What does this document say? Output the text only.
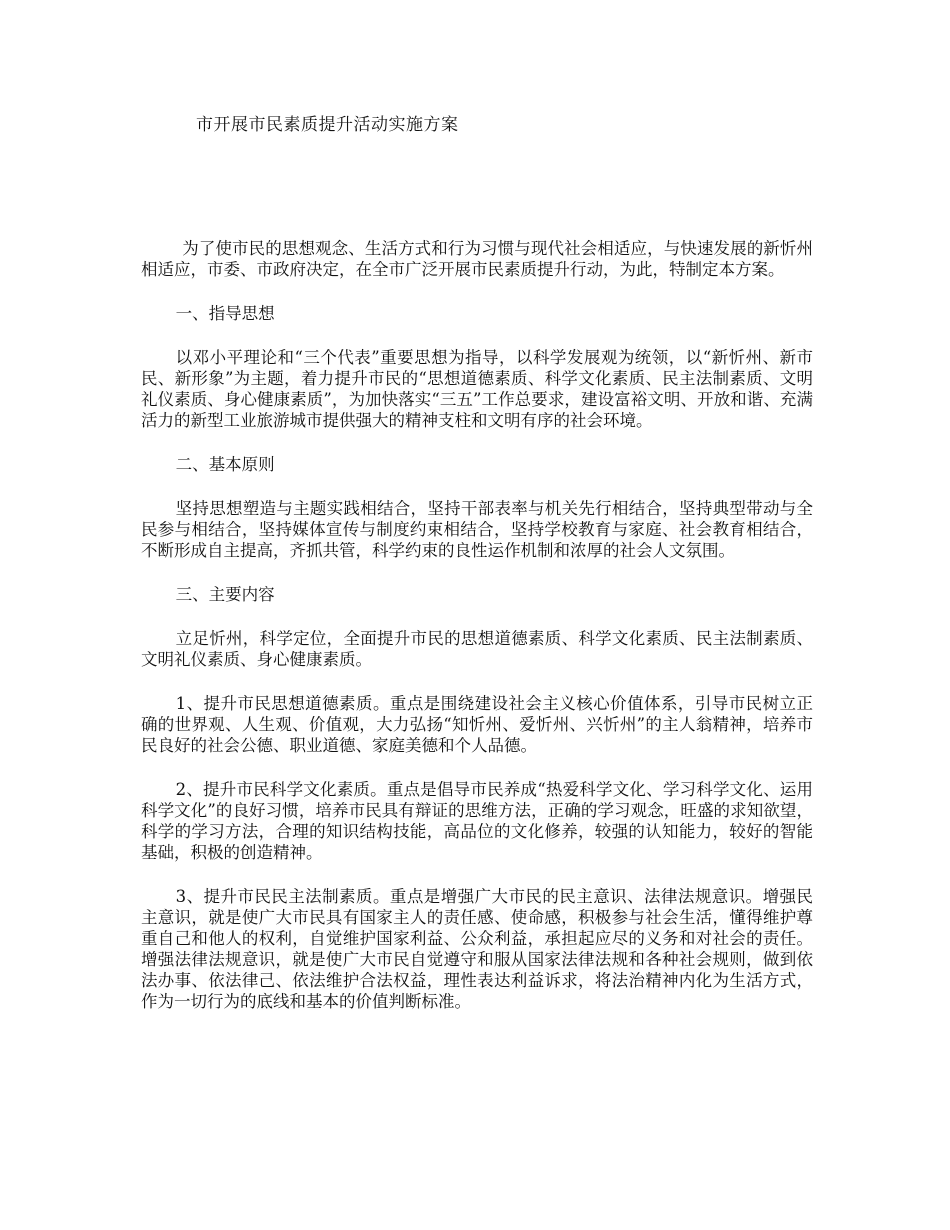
市开展市民素质提升活动实施方案

为了使市民的思想观念、生活方式和行为习惯与现代社会相适应，与快速发展的新忻州相适应，市委、市政府决定，在全市广泛开展市民素质提升行动，为此，特制定本方案。

一、指导思想

以邓小平理论和“三个代表”重要思想为指导，以科学发展观为统领，以“新忻州、新市民、新形象”为主题，着力提升市民的“思想道德素质、科学文化素质、民主法制素质、文明礼仪素质、身心健康素质”，为加快落实“三五”工作总要求，建设富裕文明、开放和谐、充满活力的新型工业旅游城市提供强大的精神支柱和文明有序的社会环境。

二、基本原则

坚持思想塑造与主题实践相结合，坚持干部表率与机关先行相结合，坚持典型带动与全民参与相结合，坚持媒体宣传与制度约束相结合，坚持学校教育与家庭、社会教育相结合，不断形成自主提高，齐抓共管，科学约束的良性运作机制和浓厚的社会人文氛围。

三、主要内容

立足忻州，科学定位，全面提升市民的思想道德素质、科学文化素质、民主法制素质、文明礼仪素质、身心健康素质。

1、提升市民思想道德素质。重点是围绕建设社会主义核心价值体系，引导市民树立正确的世界观、人生观、价值观，大力弘扬“知忻州、爱忻州、兴忻州”的主人翁精神，培养市民良好的社会公德、职业道德、家庭美德和个人品德。

2、提升市民科学文化素质。重点是倡导市民养成“热爱科学文化、学习科学文化、运用科学文化”的良好习惯，培养市民具有辩证的思维方法，正确的学习观念，旺盛的求知欲望，科学的学习方法，合理的知识结构技能，高品位的文化修养，较强的认知能力，较好的智能基础，积极的创造精神。

3、提升市民民主法制素质。重点是增强广大市民的民主意识、法律法规意识。增强民主意识，就是使广大市民具有国家主人的责任感、使命感，积极参与社会生活，懂得维护尊重自己和他人的权利，自觉维护国家利益、公众利益，承担起应尽的义务和对社会的责任。增强法律法规意识，就是使广大市民自觉遵守和服从国家法律法规和各种社会规则，做到依法办事、依法律己、依法维护合法权益，理性表达利益诉求，将法治精神内化为生活方式，作为一切行为的底线和基本的价值判断标准。
